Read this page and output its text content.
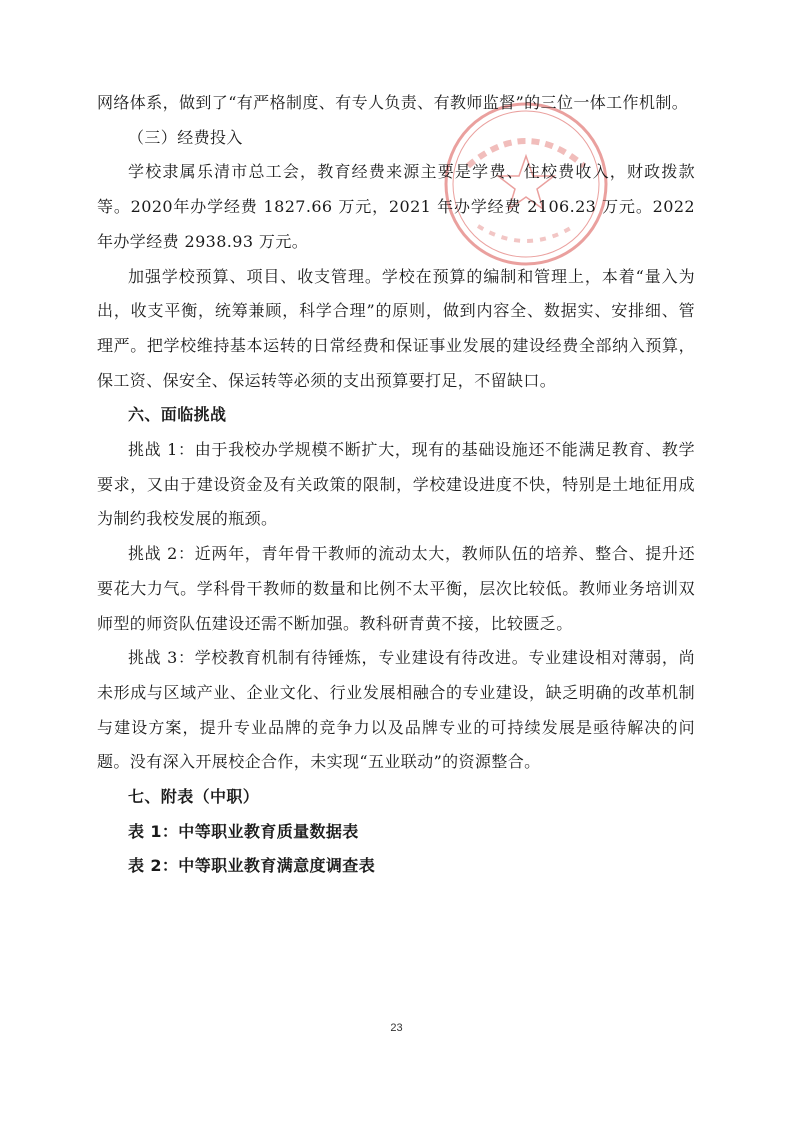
网络体系，做到了“有严格制度、有专人负责、有教师监督”的三位一体工作机制。

（三）经费投入

学校隶属乐清市总工会，教育经费来源主要是学费、住校费收入，财政拨款等。2020年办学经费 1827.66 万元，2021 年办学经费 2106.23 万元。2022 年办学经费 2938.93 万元。

加强学校预算、项目、收支管理。学校在预算的编制和管理上，本着“量入为出，收支平衡，统筹兼顾，科学合理”的原则，做到内容全、数据实、安排细、管理严。把学校维持基本运转的日常经费和保证事业发展的建设经费全部纳入预算，保工资、保安全、保运转等必须的支出预算要打足，不留缺口。

六、面临挑战

挑战 1：由于我校办学规模不断扩大，现有的基础设施还不能满足教育、教学要求，又由于建设资金及有关政策的限制，学校建设进度不快，特别是土地征用成为制约我校发展的瓶颈。

挑战 2：近两年，青年骨干教师的流动太大，教师队伍的培养、整合、提升还要花大力气。学科骨干教师的数量和比例不太平衡，层次比较低。教师业务培训双师型的师资队伍建设还需不断加强。教科研青黄不接，比较匮乏。

挑战 3：学校教育机制有待锤炼，专业建设有待改进。专业建设相对薄弱，尚未形成与区域产业、企业文化、行业发展相融合的专业建设，缺乏明确的改革机制与建设方案，提升专业品牌的竞争力以及品牌专业的可持续发展是亟待解决的问题。没有深入开展校企合作，未实现“五业联动”的资源整合。

七、附表（中职）

表 1：中等职业教育质量数据表

表 2：中等职业教育满意度调查表

23
